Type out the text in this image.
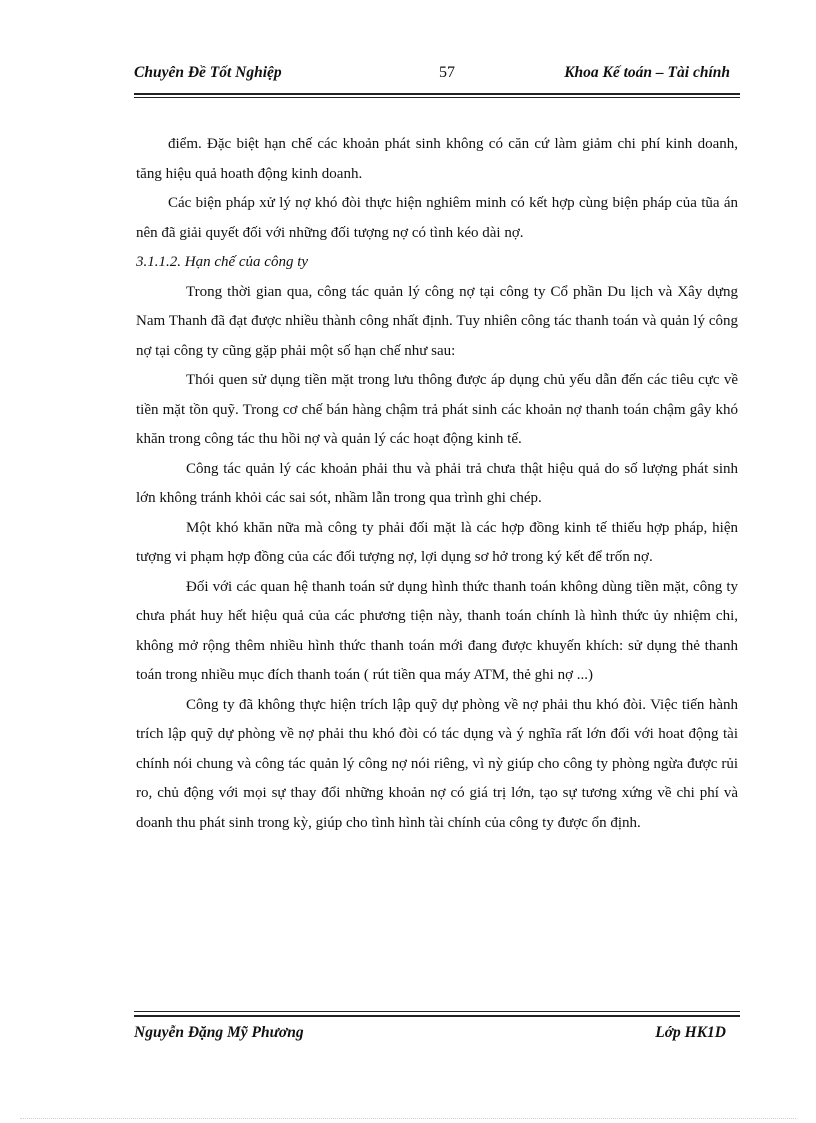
Chuyên Đề Tốt Nghiệp	57	Khoa Kế toán – Tài chính

điểm. Đặc biệt hạn chế các khoản phát sinh không có căn cứ làm giảm chi phí kinh doanh, tăng hiệu quả hoath động kinh doanh.

Các biện pháp xử lý nợ khó đòi thực hiện nghiêm minh có kết hợp cùng biện pháp của tũa án nên đã giải quyết đối với những đối tượng nợ có tình kéo dài nợ.

3.1.1.2. Hạn chế của công ty

Trong thời gian qua, công tác quản lý công nợ tại công ty Cổ phần Du lịch và Xây dựng Nam Thanh đã đạt được nhiều thành công nhất định. Tuy nhiên công tác thanh toán và quản lý công nợ tại công ty cũng gặp phải một số hạn chế như sau:

Thói quen sử dụng tiền mặt trong lưu thông được áp dụng chủ yếu dẫn đến các tiêu cực về tiền mặt tồn quỹ. Trong cơ chế bán hàng chậm trả phát sinh các khoản nợ thanh toán chậm gây khó khăn trong công tác thu hồi nợ và quản lý các hoạt động kinh tế.

Công tác quản lý các khoản phải thu và phải trả chưa thật hiệu quả do số lượng phát sinh lớn không tránh khỏi các sai sót, nhầm lẫn trong qua trình ghi chép.

Một khó khăn nữa mà công ty phải đối mặt là các hợp đồng kinh tế thiếu hợp pháp, hiện tượng vi phạm hợp đồng của các đối tượng nợ, lợi dụng sơ hở trong ký kết để trốn nợ.

Đối với các quan hệ thanh toán sử dụng hình thức thanh toán không dùng tiền mặt, công ty chưa phát huy hết hiệu quả của các phương tiện này, thanh toán chính là hình thức ủy nhiệm chi, không mở rộng thêm nhiều hình thức thanh toán mới đang được khuyến khích: sử dụng thẻ thanh toán trong nhiều mục đích thanh toán ( rút tiền qua máy ATM, thẻ ghi nợ ...)

Công ty đã không thực hiện trích lập quỹ dự phòng về nợ phải thu khó đòi. Việc tiến hành trích lập quỹ dự phòng về nợ phải thu khó đòi có tác dụng và ý nghĩa rất lớn đối với hoat động tài chính nói chung và công tác quản lý công nợ nói riêng, vì nỳ giúp cho công ty phòng ngừa được rủi ro, chủ động với mọi sự thay đổi những khoản nợ có giá trị lớn, tạo sự tương xứng về chi phí và doanh thu phát sinh trong kỳ, giúp cho tình hình tài chính của công ty được ổn định.

Nguyễn Đặng Mỹ Phương	Lớp HK1D
